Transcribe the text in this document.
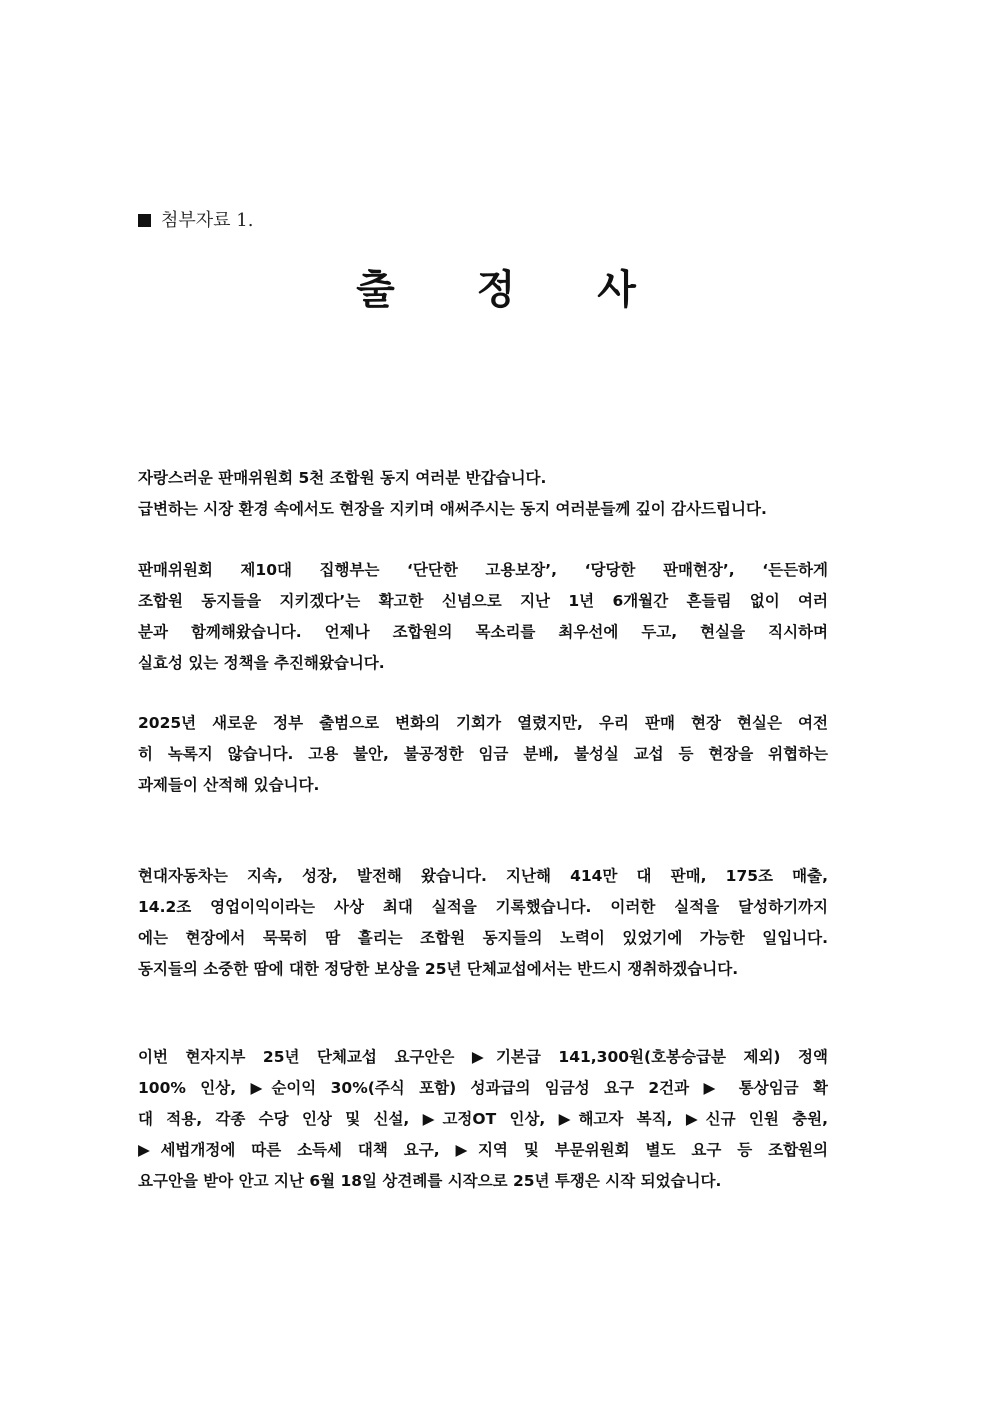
첨부자료 1.
출 정 사
자랑스러운 판매위원회 5천 조합원 동지 여러분 반갑습니다.
급변하는 시장 환경 속에서도 현장을 지키며 애써주시는 동지 여러분들께 깊이 감사드립니다.
판매위원회 제10대 집행부는 ‘단단한 고용보장’, ‘당당한 판매현장’, ‘든든하게
조합원 동지들을 지키겠다’는 확고한 신념으로 지난 1년 6개월간 흔들림 없이 여러
분과 함께해왔습니다. 언제나 조합원의 목소리를 최우선에 두고, 현실을 직시하며
실효성 있는 정책을 추진해왔습니다.
2025년 새로운 정부 출범으로 변화의 기회가 열렸지만, 우리 판매 현장 현실은 여전
히 녹록지 않습니다. 고용 불안, 불공정한 임금 분배, 불성실 교섭 등 현장을 위협하는
과제들이 산적해 있습니다.
현대자동차는 지속, 성장, 발전해 왔습니다. 지난해 414만 대 판매, 175조 매출,
14.2조 영업이익이라는 사상 최대 실적을 기록했습니다. 이러한 실적을 달성하기까지
에는 현장에서 묵묵히 땀 흘리는 조합원 동지들의 노력이 있었기에 가능한 일입니다.
동지들의 소중한 땀에 대한 정당한 보상을 25년 단체교섭에서는 반드시 쟁취하겠습니다.
이번 현자지부 25년 단체교섭 요구안은 ▶기본급 141,300원(호봉승급분 제외) 정액
100% 인상, ▶순이익 30%(주식 포함) 성과급의 임금성 요구 2건과 ▶ 통상임금 확
대 적용, 각종 수당 인상 및 신설, ▶고정OT 인상, ▶해고자 복직, ▶신규 인원 충원,
▶세법개정에 따른 소득세 대책 요구, ▶지역 및 부문위원회 별도 요구 등 조합원의
요구안을 받아 안고 지난 6월 18일 상견례를 시작으로 25년 투쟁은 시작 되었습니다.
